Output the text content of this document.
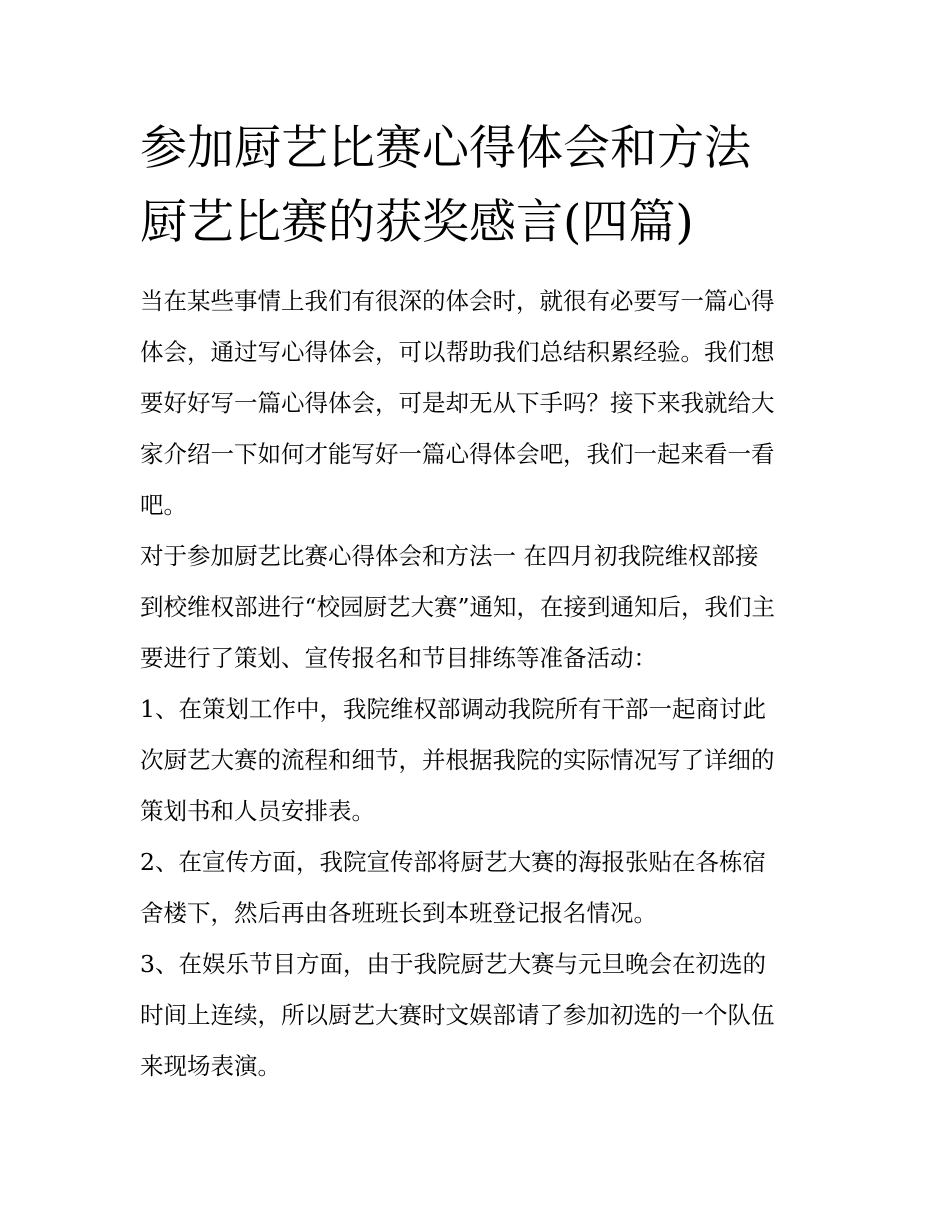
参加厨艺比赛心得体会和方法
厨艺比赛的获奖感言(四篇)
当在某些事情上我们有很深的体会时，就很有必要写一篇心得
体会，通过写心得体会，可以帮助我们总结积累经验。我们想
要好好写一篇心得体会，可是却无从下手吗？接下来我就给大
家介绍一下如何才能写好一篇心得体会吧，我们一起来看一看
吧。
对于参加厨艺比赛心得体会和方法一 在四月初我院维权部接
到校维权部进行“校园厨艺大赛”通知，在接到通知后，我们主
要进行了策划、宣传报名和节目排练等准备活动：
1、在策划工作中，我院维权部调动我院所有干部一起商讨此
次厨艺大赛的流程和细节，并根据我院的实际情况写了详细的
策划书和人员安排表。
2、在宣传方面，我院宣传部将厨艺大赛的海报张贴在各栋宿
舍楼下，然后再由各班班长到本班登记报名情况。
3、在娱乐节目方面，由于我院厨艺大赛与元旦晚会在初选的
时间上连续，所以厨艺大赛时文娱部请了参加初选的一个队伍
来现场表演。
